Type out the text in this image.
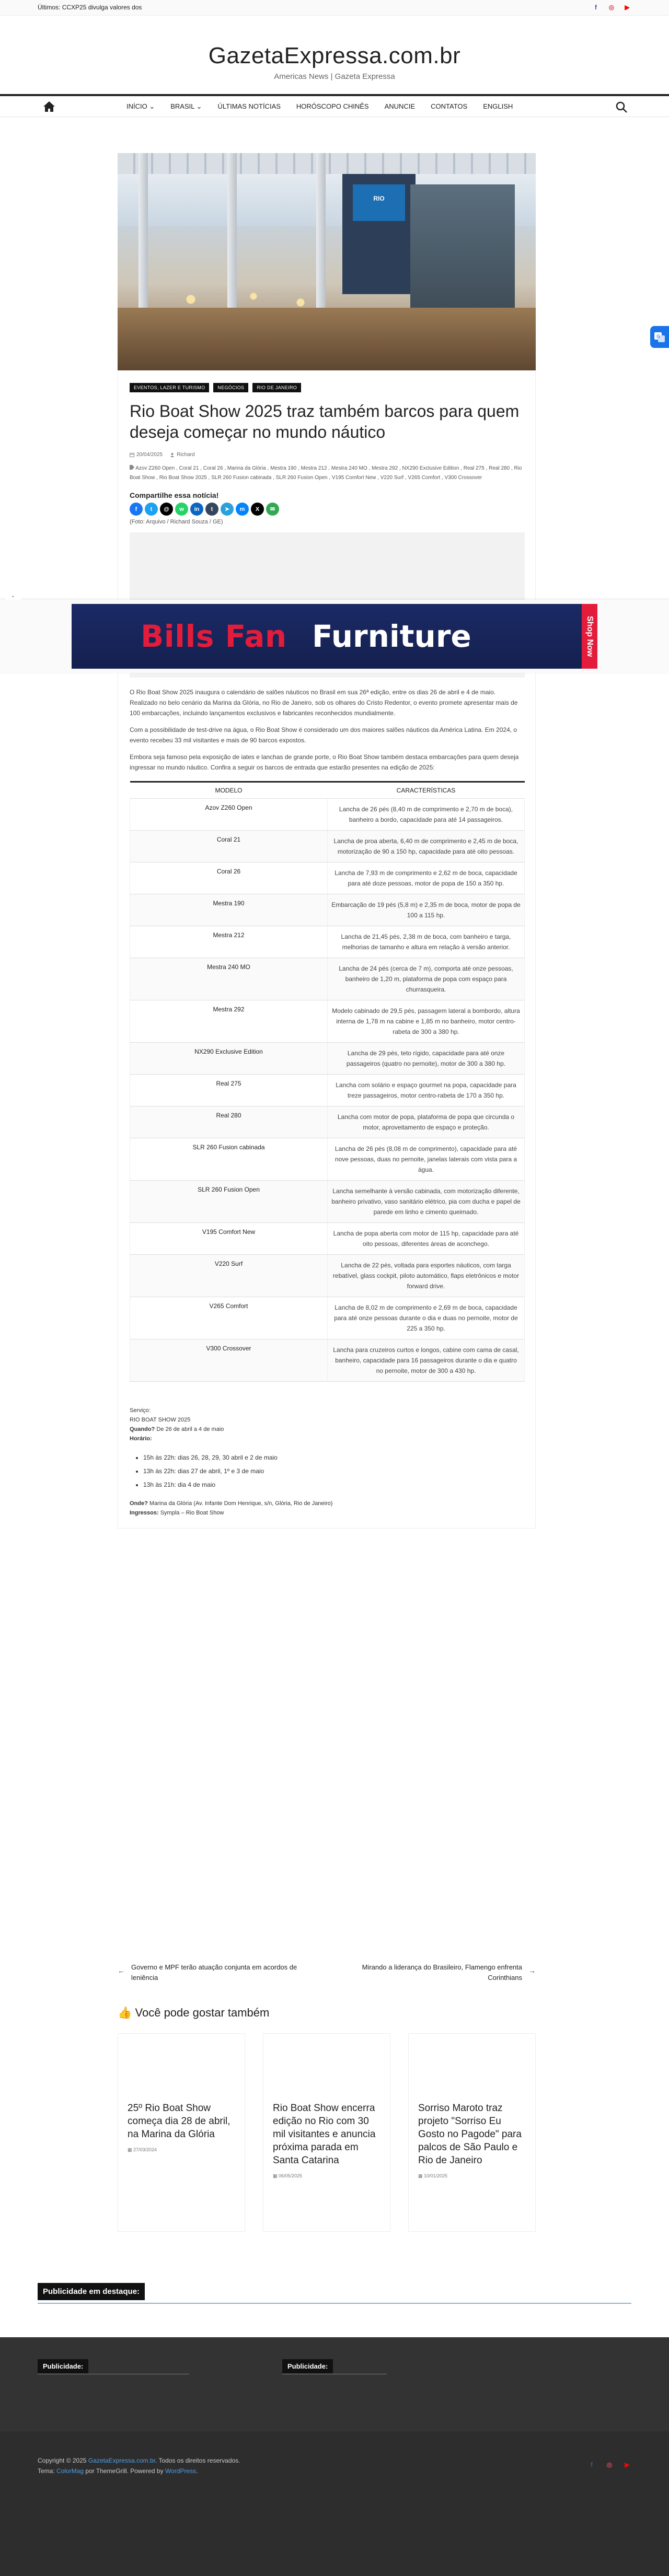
Últimos: CCXP25 divulga valores dos	f	◎ ▶
GazetaExpressa.com.br
Americas News | Gazeta Expressa
INÍCIO ⌄ BRASIL ⌄ ÚLTIMAS NOTÍCIAS HORÓSCOPO CHINÊS ANUNCIE CONTATOS ENGLISH
G
RIO
EVENTOS, LAZER E TURISMO	NEGÓCIOS	RIO DE JANEIRO
Rio Boat Show 2025 traz também barcos para quem deseja começar no mundo náutico
20/04/2025	Richard
Azov Z260 Open , Coral 21 , Coral 26 , Marina da Glória , Mestra 190 , Mestra 212 , Mestra 240 MO , Mestra 292 , NX290 Exclusive Edition , Real 275 , Real 280 , Rio Boat Show , Rio Boat Show 2025 , SLR 260 Fusion cabinada , SLR 260 Fusion Open , V195 Comfort New , V220 Surf , V265 Comfort , V300 Crossover
Compartilhe essa notícia!
f	t	@	w	in	t	➤	m	X	✉
(Foto: Arquivo / Richard Souza / GE)

O Rio Boat Show 2025 inaugura o calendário de salões náuticos no Brasil em sua 26ª edição, entre os dias 26 de abril e 4 de maio. Realizado no belo cenário da Marina da Glória, no Rio de Janeiro, sob os olhares do Cristo Redentor, o evento promete apresentar mais de 100 embarcações, incluindo lançamentos exclusivos e fabricantes reconhecidos mundialmente.

Com a possibilidade de test-drive na água, o Rio Boat Show é considerado um dos maiores salões náuticos da América Latina. Em 2024, o evento recebeu 33 mil visitantes e mais de 90 barcos expostos.

Embora seja famoso pela exposição de iates e lanchas de grande porte, o Rio Boat Show também destaca embarcações para quem deseja ingressar no mundo náutico. Confira a seguir os barcos de entrada que estarão presentes na edição de 2025:

MODELO	CARACTERÍSTICAS
Azov Z260 Open	Lancha de 26 pés (8,40 m de comprimento e 2,70 m de boca), banheiro a bordo, capacidade para até 14 passageiros.
Coral 21	Lancha de proa aberta, 6,40 m de comprimento e 2,45 m de boca, motorização de 90 a 150 hp, capacidade para até oito pessoas.
Coral 26	Lancha de 7,93 m de comprimento e 2,62 m de boca, capacidade para até doze pessoas, motor de popa de 150 a 350 hp.
Mestra 190	Embarcação de 19 pés (5,8 m) e 2,35 m de boca, motor de popa de 100 a 115 hp.
Mestra 212	Lancha de 21,45 pés, 2,38 m de boca, com banheiro e targa, melhorias de tamanho e altura em relação à versão anterior.
Mestra 240 MO	Lancha de 24 pés (cerca de 7 m), comporta até onze pessoas, banheiro de 1,20 m, plataforma de popa com espaço para churrasqueira.
Mestra 292	Modelo cabinado de 29,5 pés, passagem lateral a bombordo, altura interna de 1,78 m na cabine e 1,85 m no banheiro, motor centro-rabeta de 300 a 380 hp.
NX290 Exclusive Edition	Lancha de 29 pés, teto rígido, capacidade para até onze passageiros (quatro no pernoite), motor de 300 a 380 hp.
Real 275	Lancha com solário e espaço gourmet na popa, capacidade para treze passageiros, motor centro-rabeta de 170 a 350 hp.
Real 280	Lancha com motor de popa, plataforma de popa que circunda o motor, aproveitamento de espaço e proteção.
SLR 260 Fusion cabinada	Lancha de 26 pés (8,08 m de comprimento), capacidade para até nove pessoas, duas no pernoite, janelas laterais com vista para a água.
SLR 260 Fusion Open	Lancha semelhante à versão cabinada, com motorização diferente, banheiro privativo, vaso sanitário elétrico, pia com ducha e papel de parede em linho e cimento queimado.
V195 Comfort New	Lancha de popa aberta com motor de 115 hp, capacidade para até oito pessoas, diferentes áreas de aconchego.
V220 Surf	Lancha de 22 pés, voltada para esportes náuticos, com targa rebatível, glass cockpit, piloto automático, flaps eletrônicos e motor forward drive.
V265 Comfort	Lancha de 8,02 m de comprimento e 2,69 m de boca, capacidade para até onze pessoas durante o dia e duas no pernoite, motor de 225 a 350 hp.
V300 Crossover	Lancha para cruzeiros curtos e longos, cabine com cama de casal, banheiro, capacidade para 16 passageiros durante o dia e quatro no pernoite, motor de 300 a 430 hp.
Serviço:
RIO BOAT SHOW 2025
Quando? De 26 de abril a 4 de maio
Horário:
• 15h às 22h: dias 26, 28, 29, 30 abril e 2 de maio
• 13h às 22h: dias 27 de abril, 1º e 3 de maio
• 13h às 21h: dia 4 de maio
Onde? Marina da Glória (Av. Infante Dom Henrique, s/n, Glória, Rio de Janeiro)
Ingressos: Sympla – Rio Boat Show
← Governo e MPF terão atuação conjunta em acordos de leniência
Mirando a liderança do Brasileiro, Flamengo enfrenta Corinthians
→
👍 Você pode gostar também
25º Rio Boat Show começa dia 28 de abril, na Marina da Glória
▦ 27/03/2024
Rio Boat Show encerra edição no Rio com 30 mil visitantes e anuncia próxima parada em Santa Catarina
▦ 06/05/2025
Sorriso Maroto traz projeto "Sorriso Eu Gosto no Pagode" para palcos de São Paulo e Rio de Janeiro
▦ 10/01/2025
Publicidade em destaque:
Publicidade:	Publicidade:
Copyright © 2025 GazetaExpressa.com.br. Todos os direitos reservados.
Tema: ColorMag por ThemeGrill. Powered by WordPress.
f	◎ ▶
⌄
Bills Fan Furniture	Shop Now
